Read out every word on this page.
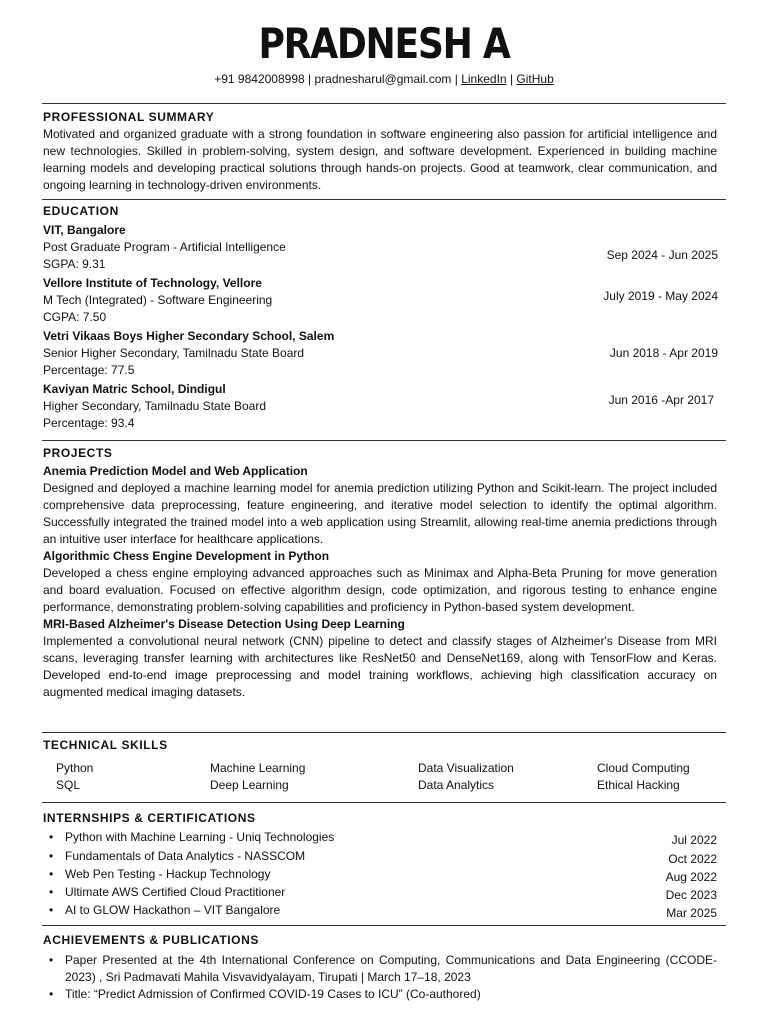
PRADNESH A
+91 9842008998 | pradnesharul@gmail.com | LinkedIn | GitHub
PROFESSIONAL SUMMARY
Motivated and organized graduate with a strong foundation in software engineering also passion for artificial intelligence and new technologies. Skilled in problem-solving, system design, and software development. Experienced in building machine learning models and developing practical solutions through hands-on projects. Good at teamwork, clear communication, and ongoing learning in technology-driven environments.
EDUCATION
VIT, Bangalore
Post Graduate Program - Artificial Intelligence
SGPA: 9.31
Sep 2024 - Jun 2025
Vellore Institute of Technology, Vellore
M Tech (Integrated) - Software Engineering
CGPA: 7.50
July 2019 - May 2024
Vetri Vikaas Boys Higher Secondary School, Salem
Senior Higher Secondary, Tamilnadu State Board
Percentage: 77.5
Jun 2018 - Apr 2019
Kaviyan Matric School, Dindigul
Higher Secondary, Tamilnadu State Board
Percentage: 93.4
Jun 2016 -Apr 2017
PROJECTS
Anemia Prediction Model and Web Application
Designed and deployed a machine learning model for anemia prediction utilizing Python and Scikit-learn. The project included comprehensive data preprocessing, feature engineering, and iterative model selection to identify the optimal algorithm. Successfully integrated the trained model into a web application using Streamlit, allowing real-time anemia predictions through an intuitive user interface for healthcare applications.
Algorithmic Chess Engine Development in Python
Developed a chess engine employing advanced approaches such as Minimax and Alpha-Beta Pruning for move generation and board evaluation. Focused on effective algorithm design, code optimization, and rigorous testing to enhance engine performance, demonstrating problem-solving capabilities and proficiency in Python-based system development.
MRI-Based Alzheimer's Disease Detection Using Deep Learning
Implemented a convolutional neural network (CNN) pipeline to detect and classify stages of Alzheimer's Disease from MRI scans, leveraging transfer learning with architectures like ResNet50 and DenseNet169, along with TensorFlow and Keras. Developed end-to-end image preprocessing and model training workflows, achieving high classification accuracy on augmented medical imaging datasets.
TECHNICAL SKILLS
Python	Machine Learning	Data Visualization	Cloud Computing
SQL	Deep Learning	Data Analytics	Ethical Hacking
INTERNSHIPS & CERTIFICATIONS
• Python with Machine Learning - Uniq Technologies	Jul 2022
• Fundamentals of Data Analytics - NASSCOM	Oct 2022
• Web Pen Testing - Hackup Technology	Aug 2022
• Ultimate AWS Certified Cloud Practitioner	Dec 2023
• AI to GLOW Hackathon – VIT Bangalore	Mar 2025
ACHIEVEMENTS & PUBLICATIONS
• Paper Presented at the 4th International Conference on Computing, Communications and Data Engineering (CCODE-2023) , Sri Padmavati Mahila Visvavidyalayam, Tirupati | March 17–18, 2023
• Title: “Predict Admission of Confirmed COVID-19 Cases to ICU” (Co-authored)
